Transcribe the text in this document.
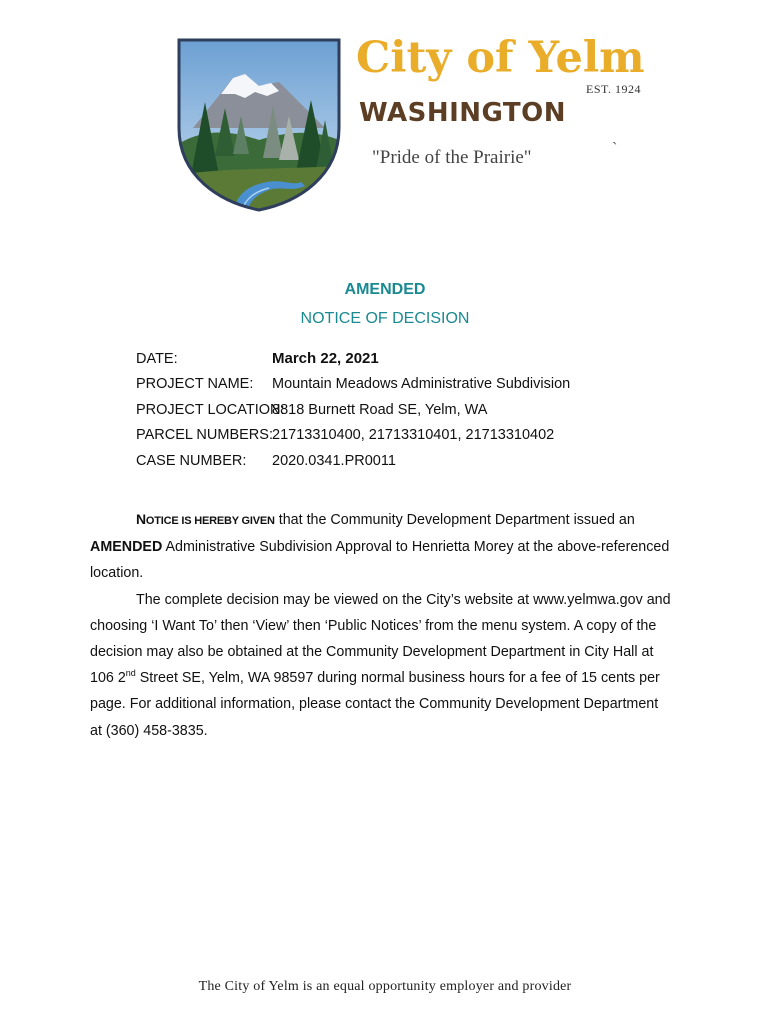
City of Yelm
EST. 1924
WASHINGTON
"Pride of the Prairie"	`
AMENDED
NOTICE OF DECISION
DATE:	March 22, 2021
PROJECT NAME:	Mountain Meadows Administrative Subdivision
PROJECT LOCATION:
8818 Burnett Road SE, Yelm, WA
PARCEL NUMBERS: 21713310400, 21713310401, 21713310402
CASE NUMBER:	2020.0341.PR0011

NOTICE IS HEREBY GIVEN that the Community Development Department issued an
AMENDED Administrative Subdivision Approval to Henrietta Morey at the above-referenced
location.

The complete decision may be viewed on the City’s website at www.yelmwa.gov and
choosing ‘I Want To’ then ‘View’ then ‘Public Notices’ from the menu system. A copy of the
decision may also be obtained at the Community Development Department in City Hall at
106 2nd Street SE, Yelm, WA 98597 during normal business hours for a fee of 15 cents per
page. For additional information, please contact the Community Development Department
at (360) 458-3835.

The City of Yelm is an equal opportunity employer and provider
